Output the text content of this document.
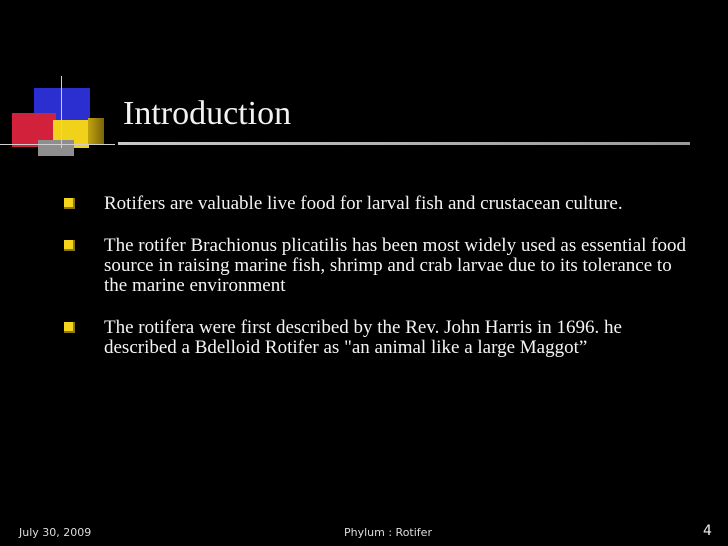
Introduction
Rotifers are valuable live food for larval fish and crustacean culture.
The rotifer Brachionus plicatilis has been most widely used as essential food source in raising marine fish, shrimp and crab larvae due to its tolerance to the marine environment
The rotifera were first described by the Rev. John Harris in 1696. he described a Bdelloid Rotifer as "an animal like a large Maggot”
July 30, 2009	Phylum : Rotifer	4
